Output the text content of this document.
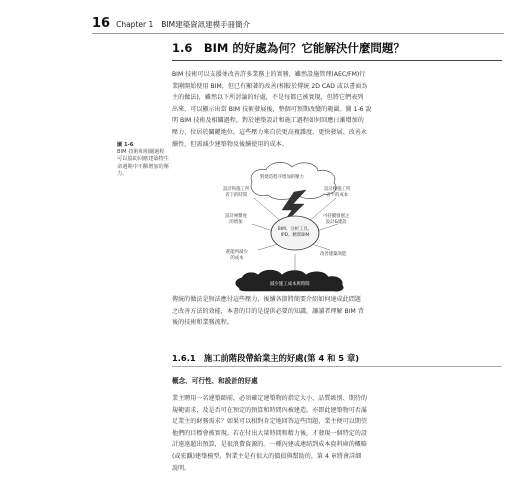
16 Chapter 1 BIM建築資訊建模手冊簡介
1.6　BIM 的好處為何？它能解決什麼問題？

BIM 技術可以支援並改善許多業務上的實務，雖然設施管理(AEC/FM)行
業剛開始使用 BIM，但已有顯著的改善(相較於傳統 2D CAD 或以書面為
主的做法)，雖然以下所討論的好處，不是每都已被實現，但將它們表列
出來，可以顯示出當 BIM 技術發展後，整個可預期改變的範圍。圖 1-6 說
明 BIM 技術及相關過程，對於建築設計和施工過程如何回應日漸增加的
壓力，位居於關鍵地位。這些壓力來自於更高複雜度、更快發展、改善永
續性，但需減少建築物及後續使用的成本。

圖 1-6
BIM 技術和相關過程
可以協助回應建築物生
命週期中不斷增加的壓
力。
對建造程序增加的壓力
設計和施工所
省下的時間
設計和施工所
省下的成本
設計複雜度
的增加
可持續發展之
設計&建設
BIM、分析工具、
IPD、精實BIM
耗能所減少
的成本
改善建築效能
減少施工成本與時間

傳統的做法是無法應付這些壓力，後續各節將簡要介紹如何達成此問題
之改善方法的效能，本書的目的是提供必要的知識，讓讀者理解 BIM 背
後的技術和業務流程。

1.6.1　施工前階段帶給業主的好處(第 4 和 5 章)
概念、可行性、和設計的好處

業主聘用一名建築師前，必須確定建築物的指定大小、品質級別、期待的
規範需求，及是否可在預定的預算和時間內被建造。亦即此建築物可否滿
足業主的財務需求？如果可以相對肯定地回答這些問題，業主便可以期望
他們的目標會被實現。若在付出大量時間和精力後，才發現一個特定的設
計遠遠超出預算，是很浪費資源的。一種內建或連結到成本資料庫的概略
(或宏觀)建築模型，對業主是有很大的價值與幫助的，第 4 章將會詳細
說明。
